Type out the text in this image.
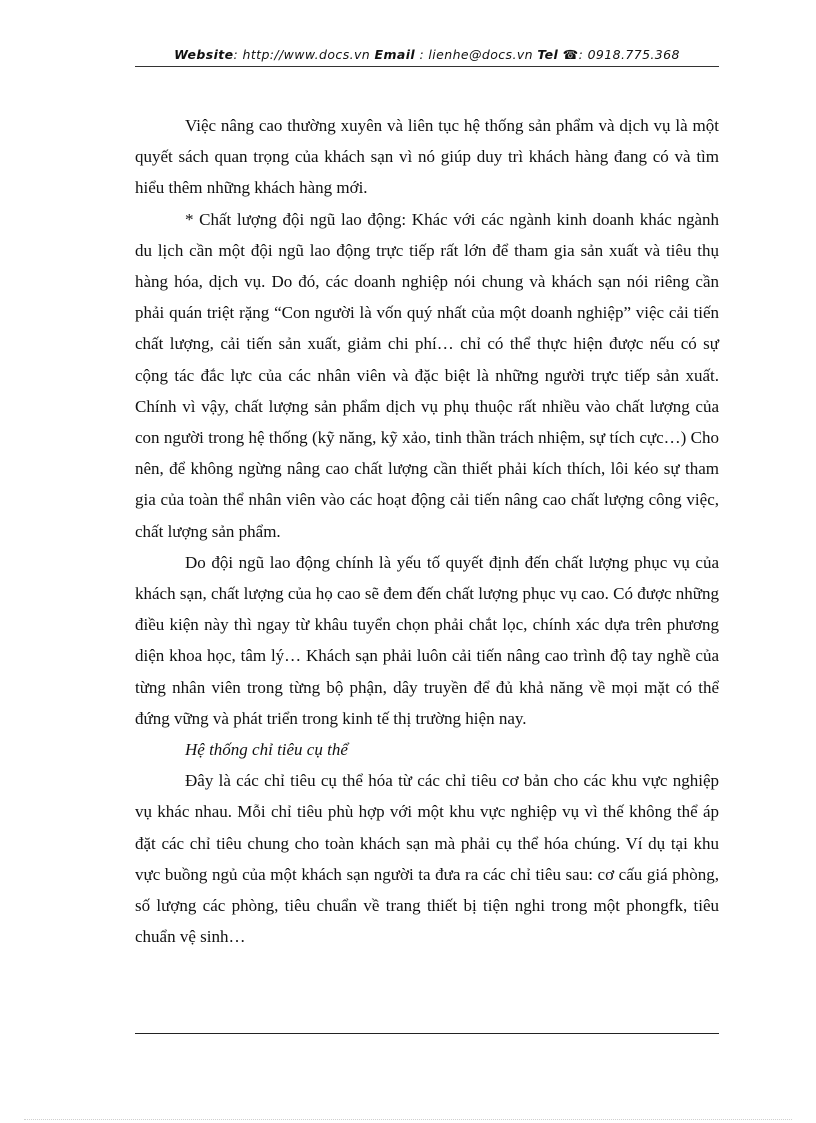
Website: http://www.docs.vn Email : lienhe@docs.vn Tel ☎: 0918.775.368

Việc nâng cao thường xuyên và liên tục hệ thống sản phẩm và dịch vụ là một quyết sách quan trọng của khách sạn vì nó giúp duy trì khách hàng đang có và tìm hiểu thêm những khách hàng mới.

* Chất lượng đội ngũ lao động: Khác với các ngành kinh doanh khác ngành du lịch cần một đội ngũ lao động trực tiếp rất lớn để tham gia sản xuất và tiêu thụ hàng hóa, dịch vụ. Do đó, các doanh nghiệp nói chung và khách sạn nói riêng cần phải quán triệt rặng “Con người là vốn quý nhất của một doanh nghiệp” việc cải tiến chất lượng, cải tiến sản xuất, giảm chi phí… chỉ có thể thực hiện được nếu có sự cộng tác đắc lực của các nhân viên và đặc biệt là những người trực tiếp sản xuất. Chính vì vậy, chất lượng sản phẩm dịch vụ phụ thuộc rất nhiều vào chất lượng của con người trong hệ thống (kỹ năng, kỹ xảo, tinh thần trách nhiệm, sự tích cực…) Cho nên, để không ngừng nâng cao chất lượng cần thiết phải kích thích, lôi kéo sự tham gia của toàn thể nhân viên vào các hoạt động cải tiến nâng cao chất lượng công việc, chất lượng sản phẩm.

Do đội ngũ lao động chính là yếu tố quyết định đến chất lượng phục vụ của khách sạn, chất lượng của họ cao sẽ đem đến chất lượng phục vụ cao. Có được những điều kiện này thì ngay từ khâu tuyển chọn phải chắt lọc, chính xác dựa trên phương diện khoa học, tâm lý… Khách sạn phải luôn cải tiến nâng cao trình độ tay nghề của từng nhân viên trong từng bộ phận, dây truyền để đủ khả năng về mọi mặt có thể đứng vững và phát triển trong kinh tế thị trường hiện nay.

Hệ thống chỉ tiêu cụ thể

Đây là các chỉ tiêu cụ thể hóa từ các chỉ tiêu cơ bản cho các khu vực nghiệp vụ khác nhau. Mỗi chỉ tiêu phù hợp với một khu vực nghiệp vụ vì thế không thể áp đặt các chỉ tiêu chung cho toàn khách sạn mà phải cụ thể hóa chúng. Ví dụ tại khu vực buồng ngủ của một khách sạn người ta đưa ra các chỉ tiêu sau: cơ cấu giá phòng, số lượng các phòng, tiêu chuẩn về trang thiết bị tiện nghi trong một phongfk, tiêu chuẩn vệ sinh…
